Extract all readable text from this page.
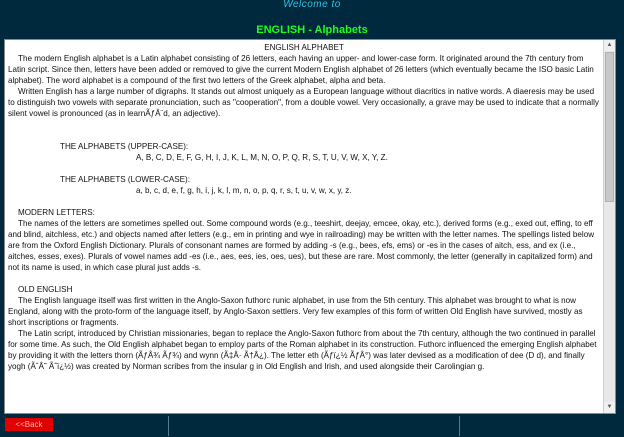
Welcome to
ENGLISH - Alphabets

ENGLISH ALPHABET

The modern English alphabet is a Latin alphabet consisting of 26 letters, each having an upper- and lower-case form. It originated around the 7th century from Latin script. Since then, letters have been added or removed to give the current Modern English alphabet of 26 letters (which eventually became the ISO basic Latin alphabet). The word alphabet is a compound of the first two letters of the Greek alphabet, alpha and beta.

Written English has a large number of digraphs. It stands out almost uniquely as a European language without diacritics in native words. A diaeresis may be used to distinguish two vowels with separate pronunciation, such as "cooperation", from a double vowel. Very occasionally, a grave may be used to indicate that a normally silent vowel is pronounced (as in learnÃƒÂ¨d, an adjective).

THE ALPHABETS (UPPER-CASE):

A, B, C, D, E, F, G, H, I, J, K, L, M, N, O, P, Q, R, S, T, U, V, W, X, Y, Z.

THE ALPHABETS (LOWER-CASE):

a, b, c, d, e, f, g, h, i, j, k, l, m, n, o, p, q, r, s, t, u, v, w, x, y, z.

MODERN LETTERS:

The names of the letters are sometimes spelled out. Some compound words (e.g., teeshirt, deejay, emcee, okay, etc.), derived forms (e.g., exed out, effing, to eff and blind, aitchless, etc.) and objects named after letters (e.g., em in printing and wye in railroading) may be written with the letter names. The spellings listed below are from the Oxford English Dictionary. Plurals of consonant names are formed by adding -s (e.g., bees, efs, ems) or -es in the cases of aitch, ess, and ex (i.e., aitches, esses, exes). Plurals of vowel names add -es (i.e., aes, ees, ies, oes, ues), but these are rare. Most commonly, the letter (generally in capitalized form) and not its name is used, in which case plural just adds -s.

OLD ENGLISH

The English language itself was first written in the Anglo-Saxon futhorc runic alphabet, in use from the 5th century. This alphabet was brought to what is now England, along with the proto-form of the language itself, by Anglo-Saxon settlers. Very few examples of this form of written Old English have survived, mostly as short inscriptions or fragments.

The Latin script, introduced by Christian missionaries, began to replace the Anglo-Saxon futhorc from about the 7th century, although the two continued in parallel for some time. As such, the Old English alphabet began to employ parts of the Roman alphabet in its construction. Futhorc influenced the emerging English alphabet by providing it with the letters thorn (ÃƒÅ¾ Ãƒ¾) and wynn (Ã‡Â· Ã†Â¿). The letter eth (Ãƒï¿½ ÃƒÂ°) was later devised as a modification of dee (D d), and finally yogh (ÃˆÂ˜ Ãˆï¿½) was created by Norman scribes from the insular g in Old English and Irish, and used alongside their Carolingian g.

▲
▼
<<Back
